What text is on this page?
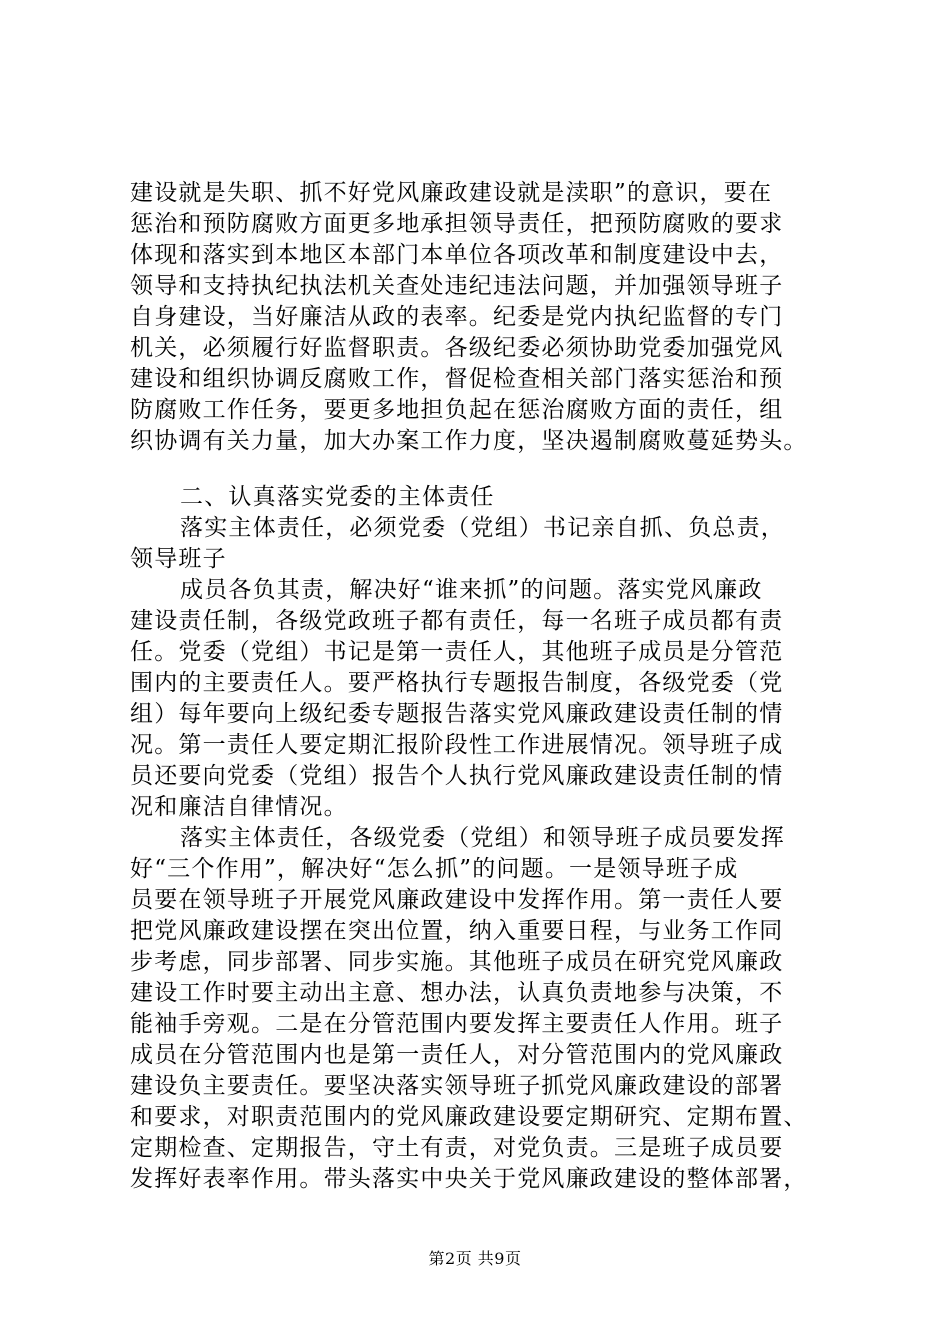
建设就是失职、抓不好党风廉政建设就是渎职”的意识，要在
惩治和预防腐败方面更多地承担领导责任，把预防腐败的要求
体现和落实到本地区本部门本单位各项改革和制度建设中去，
领导和支持执纪执法机关查处违纪违法问题，并加强领导班子
自身建设，当好廉洁从政的表率。纪委是党内执纪监督的专门
机关，必须履行好监督职责。各级纪委必须协助党委加强党风
建设和组织协调反腐败工作，督促检查相关部门落实惩治和预
防腐败工作任务，要更多地担负起在惩治腐败方面的责任，组
织协调有关力量，加大办案工作力度，坚决遏制腐败蔓延势头。
二、认真落实党委的主体责任
落实主体责任，必须党委（党组）书记亲自抓、负总责，
领导班子
成员各负其责，解决好“谁来抓”的问题。落实党风廉政
建设责任制，各级党政班子都有责任，每一名班子成员都有责
任。党委（党组）书记是第一责任人，其他班子成员是分管范
围内的主要责任人。要严格执行专题报告制度，各级党委（党
组）每年要向上级纪委专题报告落实党风廉政建设责任制的情
况。第一责任人要定期汇报阶段性工作进展情况。领导班子成
员还要向党委（党组）报告个人执行党风廉政建设责任制的情
况和廉洁自律情况。
落实主体责任，各级党委（党组）和领导班子成员要发挥
好“三个作用”，解决好“怎么抓”的问题。一是领导班子成
员要在领导班子开展党风廉政建设中发挥作用。第一责任人要
把党风廉政建设摆在突出位置，纳入重要日程，与业务工作同
步考虑，同步部署、同步实施。其他班子成员在研究党风廉政
建设工作时要主动出主意、想办法，认真负责地参与决策，不
能袖手旁观。二是在分管范围内要发挥主要责任人作用。班子
成员在分管范围内也是第一责任人，对分管范围内的党风廉政
建设负主要责任。要坚决落实领导班子抓党风廉政建设的部署
和要求，对职责范围内的党风廉政建设要定期研究、定期布置、
定期检查、定期报告，守土有责，对党负责。三是班子成员要
发挥好表率作用。带头落实中央关于党风廉政建设的整体部署，
第2页 共9页
